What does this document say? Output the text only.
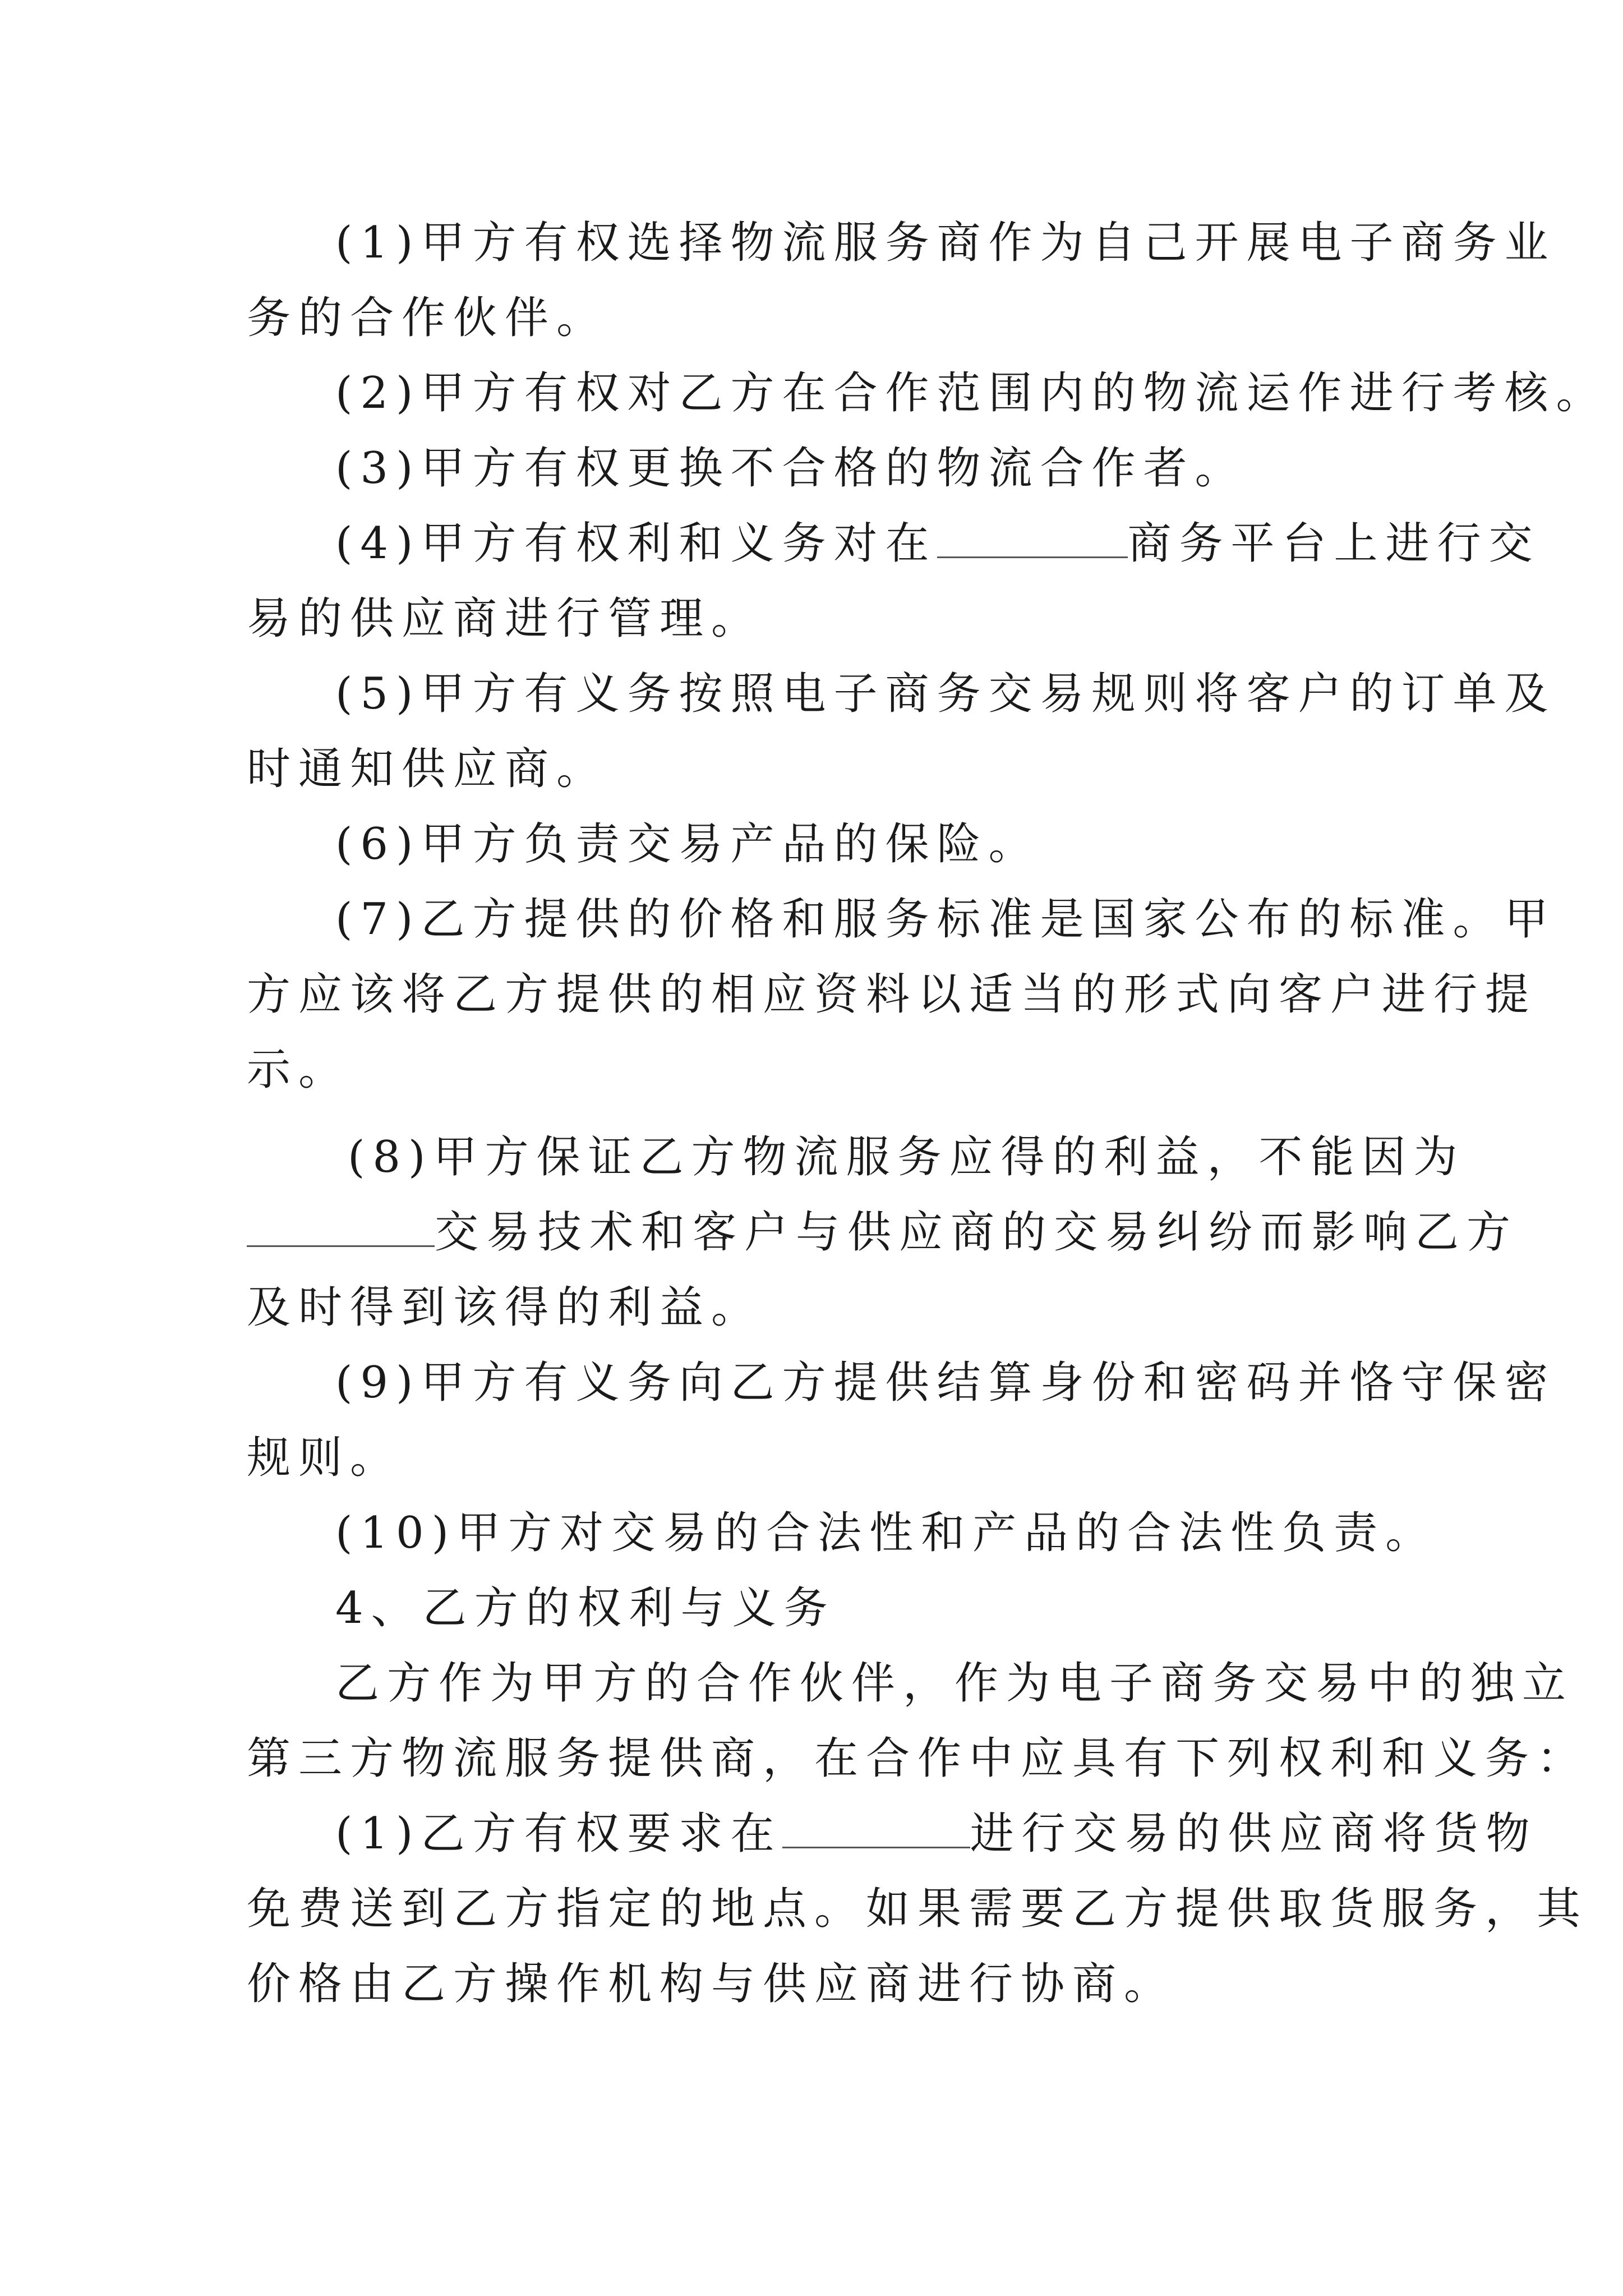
(1)甲方有权选择物流服务商作为自己开展电子商务业
务的合作伙伴。
(2)甲方有权对乙方在合作范围内的物流运作进行考核。
(3)甲方有权更换不合格的物流合作者。
(4)甲方有权利和义务对在	商务平台上进行交
易的供应商进行管理。
(5)甲方有义务按照电子商务交易规则将客户的订单及
时通知供应商。
(6)甲方负责交易产品的保险。
(7)乙方提供的价格和服务标准是国家公布的标准。甲
方应该将乙方提供的相应资料以适当的形式向客户进行提
示。
(8)甲方保证乙方物流服务应得的利益，不能因为
交易技术和客户与供应商的交易纠纷而影响乙方
及时得到该得的利益。
(9)甲方有义务向乙方提供结算身份和密码并恪守保密
规则。
(10)甲方对交易的合法性和产品的合法性负责。
4、乙方的权利与义务
乙方作为甲方的合作伙伴，作为电子商务交易中的独立
第三方物流服务提供商，在合作中应具有下列权利和义务：
(1)乙方有权要求在	进行交易的供应商将货物
免费送到乙方指定的地点。如果需要乙方提供取货服务，其
价格由乙方操作机构与供应商进行协商。
